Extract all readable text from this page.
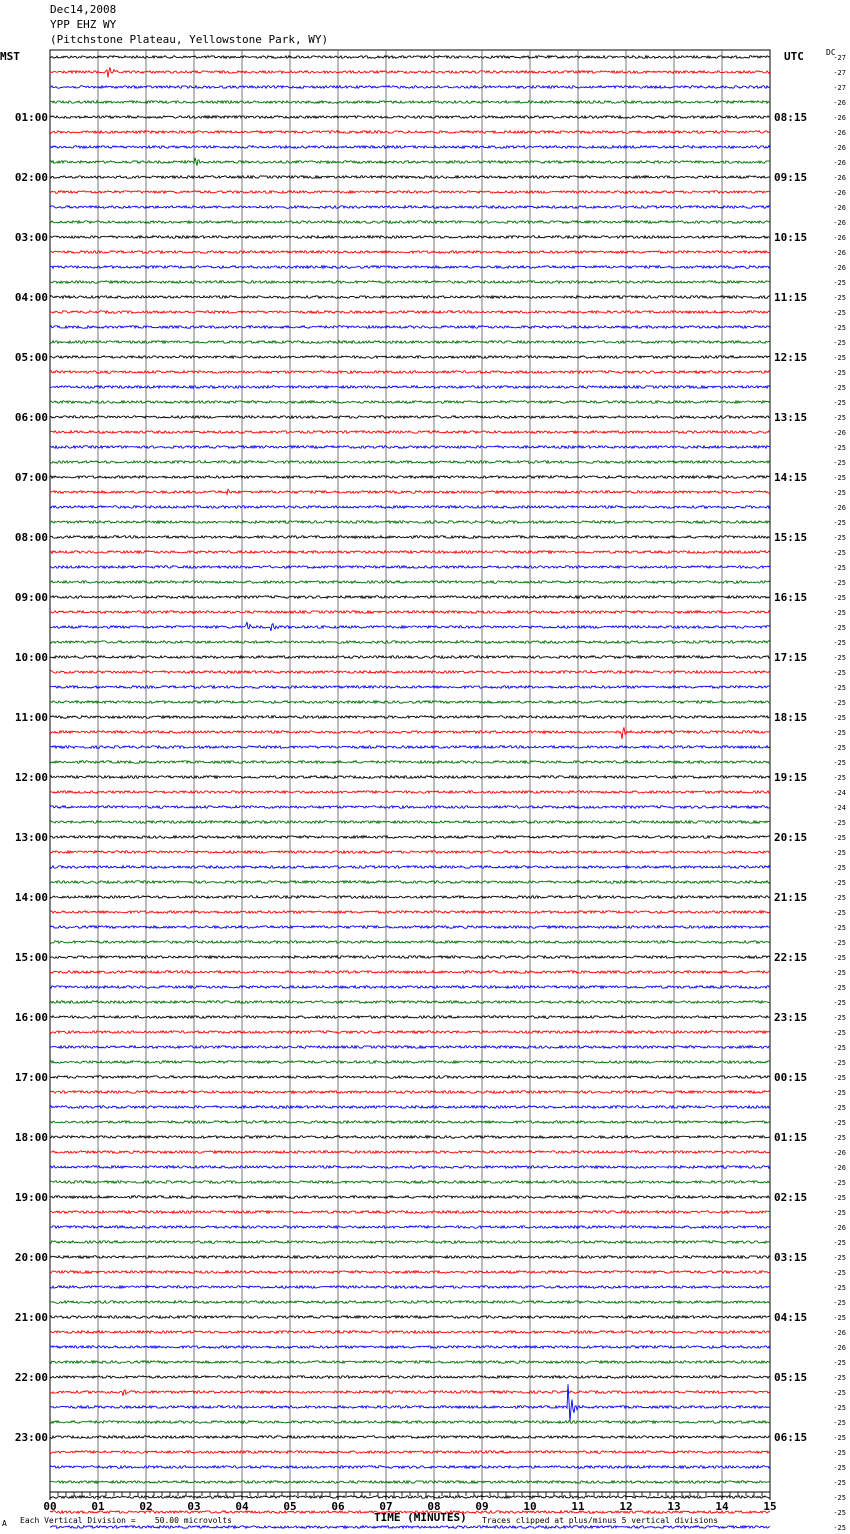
01:00
02:00
03:00
04:00
05:00
06:00
07:00
08:00
09:00
10:00
11:00
12:00
13:00
14:00
15:00
16:00
17:00
18:00
19:00
20:00
21:00
22:00
23:00
08:15
09:15
10:15
11:15
12:15
13:15
14:15
15:15
16:15
17:15
18:15
19:15
20:15
21:15
22:15
23:15
00:15
01:15
02:15
03:15
04:15
05:15
06:15
-27
-27
-27
-26
-26
-26
-26
-26
-26
-26
-26
-26
-26
-26
-26
-25
-25
-25
-25
-25
-25
-25
-25
-25
-25
-26
-25
-25
-25
-25
-26
-25
-25
-25
-25
-25
-25
-25
-25
-25
-25
-25
-25
-25
-25
-25
-25
-25
-25
-24
-24
-25
-25
-25
-25
-25
-25
-25
-25
-25
-25
-25
-25
-25
-25
-25
-25
-25
-25
-25
-25
-25
-25
-26
-26
-25
-25
-25
-26
-25
-25
-25
-25
-25
-25
-26
-26
-25
-25
-25
-25
-25
-25
-25
-25
-25
-25
-25
-25
00	01	02	03	04	05	06	07	08	09	10	11	12	13	14	15
Dec14,2008
YPP EHZ WY
(Pitchstone Plateau, Yellowstone Park, WY)
MST	UTC	DC
A Each Vertical Division =    50.00 microvolts	TIME (MINUTES) Traces clipped at plus/minus 5 vertical divisions
